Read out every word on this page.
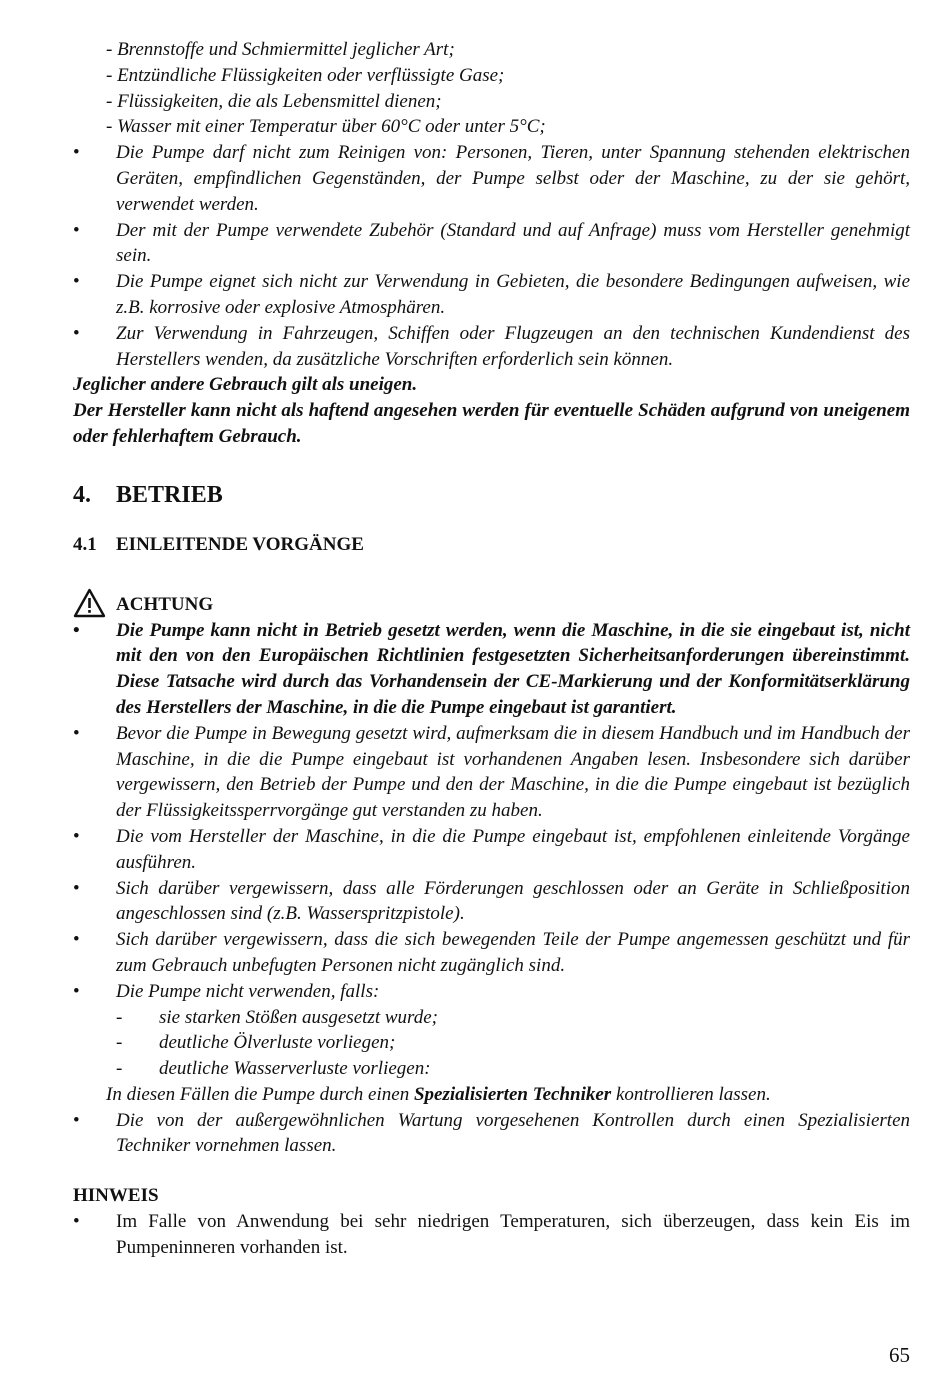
- Brennstoffe und Schmiermittel jeglicher Art;
- Entzündliche Flüssigkeiten oder verflüssigte Gase;
- Flüssigkeiten, die als Lebensmittel dienen;
- Wasser mit einer Temperatur über 60°C oder unter 5°C;
• Die Pumpe darf nicht zum Reinigen von: Personen, Tieren, unter Spannung stehenden elektrischen Geräten, empfindlichen Gegenständen, der Pumpe selbst oder der Maschine, zu der sie gehört, verwendet werden.
• Der mit der Pumpe verwendete Zubehör (Standard und auf Anfrage) muss vom Hersteller genehmigt sein.
• Die Pumpe eignet sich nicht zur Verwendung in Gebieten, die besondere Bedingungen aufweisen, wie z.B. korrosive oder explosive Atmosphären.
• Zur Verwendung in Fahrzeugen, Schiffen oder Flugzeugen an den technischen Kundendienst des Herstellers wenden, da zusätzliche Vorschriften erforderlich sein können.
Jeglicher andere Gebrauch gilt als uneigen.
Der Hersteller kann nicht als haftend angesehen werden für eventuelle Schäden aufgrund von uneigenem oder fehlerhaftem Gebrauch.
4.	BETRIEB
4.1	EINLEITENDE VORGÄNGE
ACHTUNG
• Die Pumpe kann nicht in Betrieb gesetzt werden, wenn die Maschine, in die sie eingebaut ist, nicht mit den von den Europäischen Richtlinien festgesetzten Sicherheitsanforderungen übereinstimmt. Diese Tatsache wird durch das Vorhandensein der CE-Markierung und der Konformitätserklärung des Herstellers der Maschine, in die die Pumpe eingebaut ist garantiert.
• Bevor die Pumpe in Bewegung gesetzt wird, aufmerksam die in diesem Handbuch und im Handbuch der Maschine, in die die Pumpe eingebaut ist vorhandenen Angaben lesen. Insbesondere sich darüber vergewissern, den Betrieb der Pumpe und den der Maschine, in die die Pumpe eingebaut ist bezüglich der Flüssigkeitssperrvorgänge gut verstanden zu haben.
• Die vom Hersteller der Maschine, in die die Pumpe eingebaut ist, empfohlenen einleitende Vorgänge ausführen.
• Sich darüber vergewissern, dass alle Förderungen geschlossen oder an Geräte in Schließposition angeschlossen sind (z.B. Wasserspritzpistole).
• Sich darüber vergewissern, dass die sich bewegenden Teile der Pumpe angemessen geschützt und für zum Gebrauch unbefugten Personen nicht zugänglich sind.
• Die Pumpe nicht verwenden, falls:
- sie starken Stößen ausgesetzt wurde;
- deutliche Ölverluste vorliegen;
- deutliche Wasserverluste vorliegen:
In diesen Fällen die Pumpe durch einen Spezialisierten Techniker kontrollieren lassen.
• Die von der außergewöhnlichen Wartung vorgesehenen Kontrollen durch einen Spezialisierten Techniker vornehmen lassen.
HINWEIS
• Im Falle von Anwendung bei sehr niedrigen Temperaturen, sich überzeugen, dass kein Eis im Pumpeninneren vorhanden ist.
65
